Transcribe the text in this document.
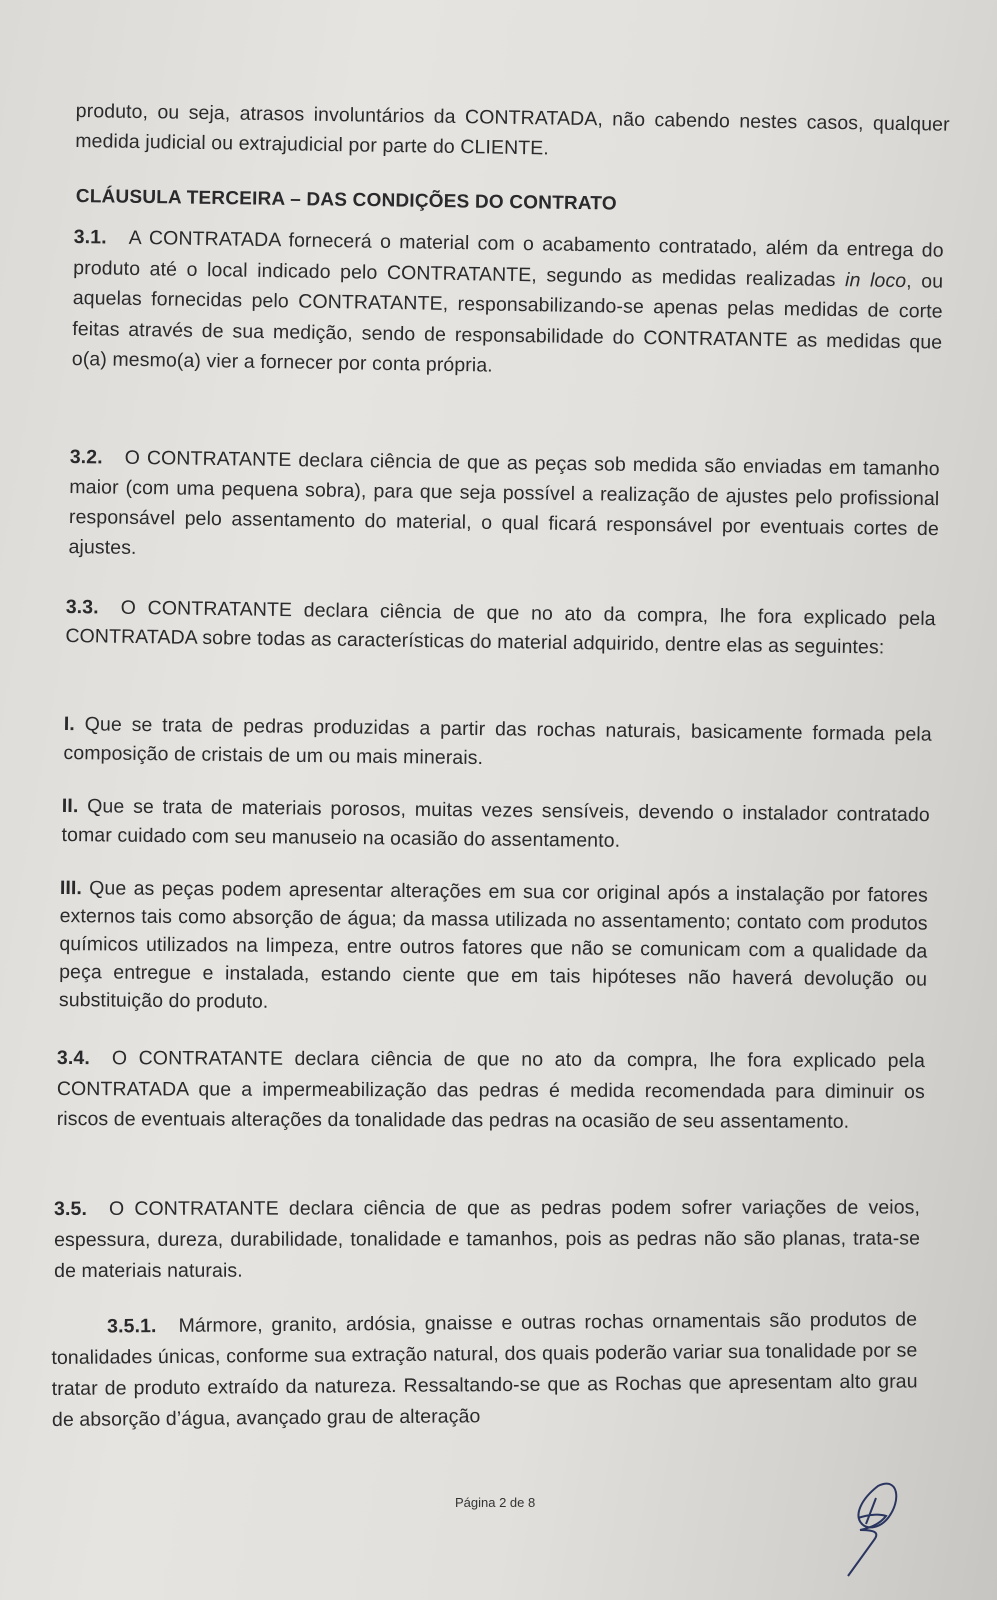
produto, ou seja, atrasos involuntários da CONTRATADA, não cabendo nestes casos, qualquer medida judicial ou extrajudicial por parte do CLIENTE.
CLÁUSULA TERCEIRA – DAS CONDIÇÕES DO CONTRATO
3.1. A CONTRATADA fornecerá o material com o acabamento contratado, além da entrega do produto até o local indicado pelo CONTRATANTE, segundo as medidas realizadas in loco, ou aquelas fornecidas pelo CONTRATANTE, responsabilizando-se apenas pelas medidas de corte feitas através de sua medição, sendo de responsabilidade do CONTRATANTE as medidas que o(a) mesmo(a) vier a fornecer por conta própria.
3.2. O CONTRATANTE declara ciência de que as peças sob medida são enviadas em tamanho maior (com uma pequena sobra), para que seja possível a realização de ajustes pelo profissional responsável pelo assentamento do material, o qual ficará responsável por eventuais cortes de ajustes.
3.3. O CONTRATANTE declara ciência de que no ato da compra, lhe fora explicado pela CONTRATADA sobre todas as características do material adquirido, dentre elas as seguintes:
I. Que se trata de pedras produzidas a partir das rochas naturais, basicamente formada pela composição de cristais de um ou mais minerais.
II. Que se trata de materiais porosos, muitas vezes sensíveis, devendo o instalador contratado tomar cuidado com seu manuseio na ocasião do assentamento.
III. Que as peças podem apresentar alterações em sua cor original após a instalação por fatores externos tais como absorção de água; da massa utilizada no assentamento; contato com produtos químicos utilizados na limpeza, entre outros fatores que não se comunicam com a qualidade da peça entregue e instalada, estando ciente que em tais hipóteses não haverá devolução ou substituição do produto.
3.4. O CONTRATANTE declara ciência de que no ato da compra, lhe fora explicado pela CONTRATADA que a impermeabilização das pedras é medida recomendada para diminuir os riscos de eventuais alterações da tonalidade das pedras na ocasião de seu assentamento.
3.5. O CONTRATANTE declara ciência de que as pedras podem sofrer variações de veios, espessura, dureza, durabilidade, tonalidade e tamanhos, pois as pedras não são planas, trata-se de materiais naturais.
3.5.1. Mármore, granito, ardósia, gnaisse e outras rochas ornamentais são produtos de tonalidades únicas, conforme sua extração natural, dos quais poderão variar sua tonalidade por se tratar de produto extraído da natureza. Ressaltando-se que as Rochas que apresentam alto grau de absorção d’água, avançado grau de alteração
Página 2 de 8
